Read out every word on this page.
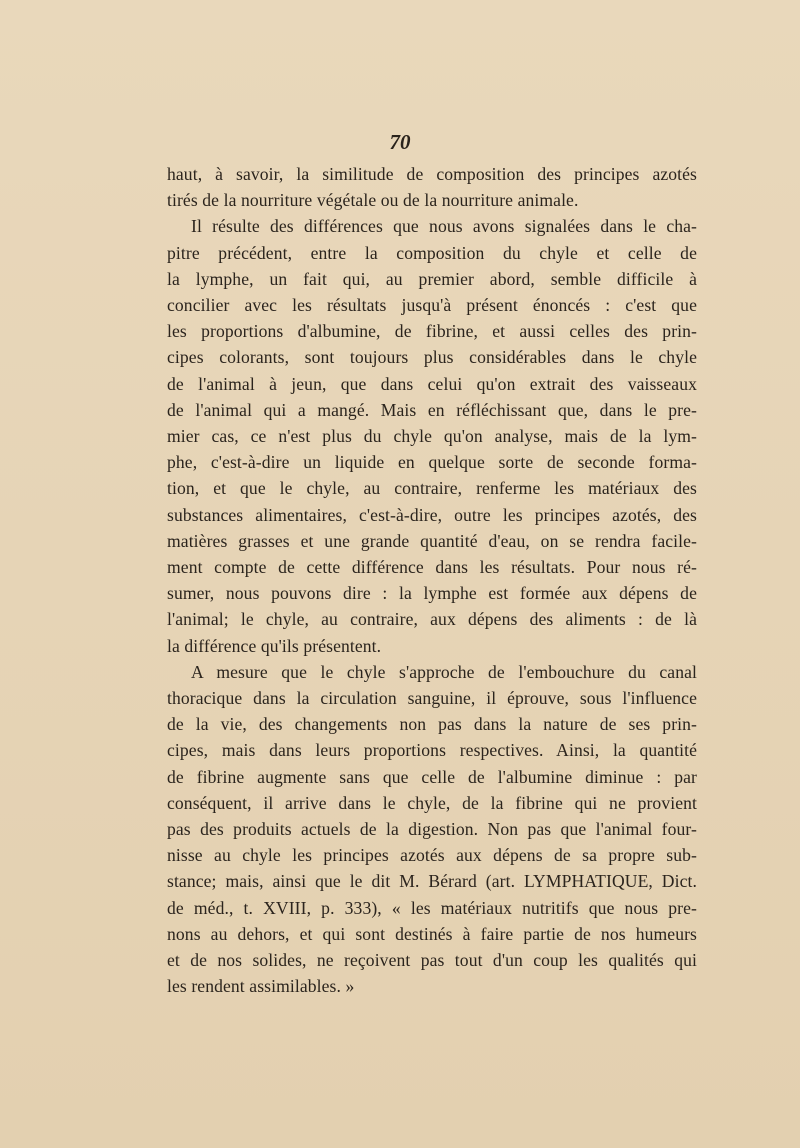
70
haut, à savoir, la similitude de composition des principes azotés
tirés de la nourriture végétale ou de la nourriture animale.
Il résulte des différences que nous avons signalées dans le cha-
pitre précédent, entre la composition du chyle et celle de
la lymphe, un fait qui, au premier abord, semble difficile à
concilier avec les résultats jusqu'à présent énoncés : c'est que
les proportions d'albumine, de fibrine, et aussi celles des prin-
cipes colorants, sont toujours plus considérables dans le chyle
de l'animal à jeun, que dans celui qu'on extrait des vaisseaux
de l'animal qui a mangé. Mais en réfléchissant que, dans le pre-
mier cas, ce n'est plus du chyle qu'on analyse, mais de la lym-
phe, c'est-à-dire un liquide en quelque sorte de seconde forma-
tion, et que le chyle, au contraire, renferme les matériaux des
substances alimentaires, c'est-à-dire, outre les principes azotés, des
matières grasses et une grande quantité d'eau, on se rendra facile-
ment compte de cette différence dans les résultats. Pour nous ré-
sumer, nous pouvons dire : la lymphe est formée aux dépens de
l'animal; le chyle, au contraire, aux dépens des aliments : de là
la différence qu'ils présentent.
A mesure que le chyle s'approche de l'embouchure du canal
thoracique dans la circulation sanguine, il éprouve, sous l'influence
de la vie, des changements non pas dans la nature de ses prin-
cipes, mais dans leurs proportions respectives. Ainsi, la quantité
de fibrine augmente sans que celle de l'albumine diminue : par
conséquent, il arrive dans le chyle, de la fibrine qui ne provient
pas des produits actuels de la digestion. Non pas que l'animal four-
nisse au chyle les principes azotés aux dépens de sa propre sub-
stance; mais, ainsi que le dit M. Bérard (art. LYMPHATIQUE, Dict.
de méd., t. XVIII, p. 333), « les matériaux nutritifs que nous pre-
nons au dehors, et qui sont destinés à faire partie de nos humeurs
et de nos solides, ne reçoivent pas tout d'un coup les qualités qui
les rendent assimilables. »
